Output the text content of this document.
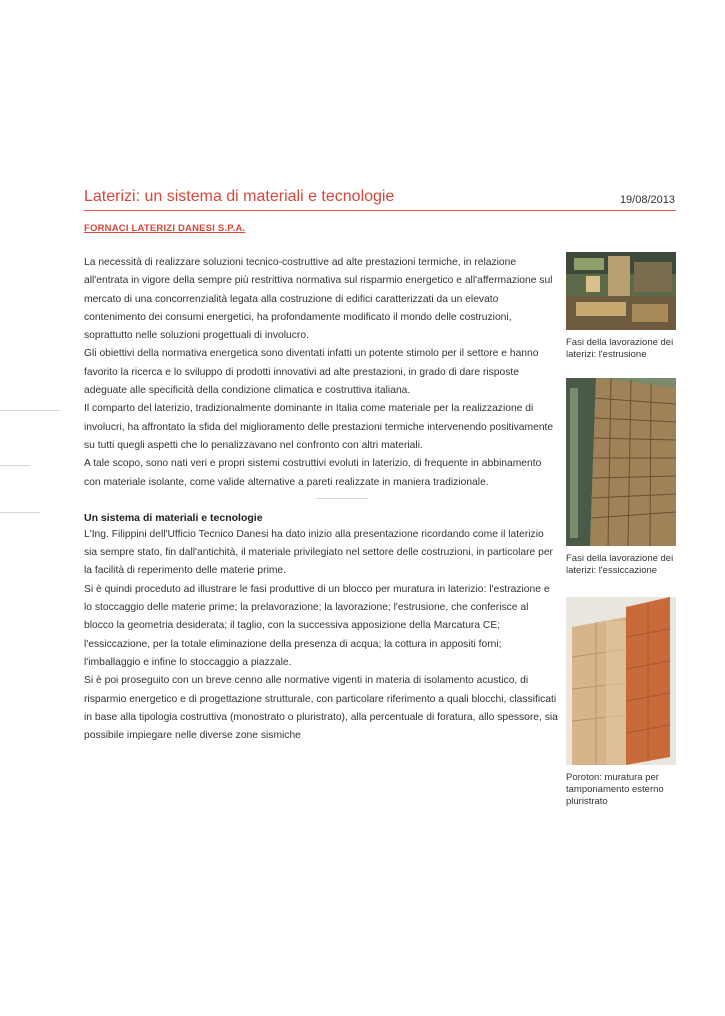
Laterizi: un sistema di materiali e tecnologie	19/08/2013
FORNACI LATERIZI DANESI S.P.A.

La necessità di realizzare soluzioni tecnico-costruttive ad alte prestazioni termiche, in relazione all'entrata in vigore della sempre più restrittiva normativa sul risparmio energetico e all'affermazione sul mercato di una concorrenzialità legata alla costruzione di edifici caratterizzati da un elevato contenimento dei consumi energetici, ha profondamente modificato il mondo delle costruzioni, soprattutto nelle soluzioni progettuali di involucro.

Gli obiettivi della normativa energetica sono diventati infatti un potente stimolo per il settore e hanno favorito la ricerca e lo sviluppo di prodotti innovativi ad alte prestazioni, in grado di dare risposte adeguate alle specificità della condizione climatica e costruttiva italiana.

Il comparto del laterizio, tradizionalmente dominante in Italia come materiale per la realizzazione di involucri, ha affrontato la sfida del miglioramento delle prestazioni termiche intervenendo positivamente su tutti quegli aspetti che lo penalizzavano nel confronto con altri materiali.

A tale scopo, sono nati veri e propri sistemi costruttivi evoluti in laterizio, di frequente in abbinamento con materiale isolante, come valide alternative a pareti realizzate in maniera tradizionale.

Un sistema di materiali e tecnologie

L'Ing. Filippini dell'Ufficio Tecnico Danesi ha dato inizio alla presentazione ricordando come il laterizio sia sempre stato, fin dall'antichità, il materiale privilegiato nel settore delle costruzioni, in particolare per la facilità di reperimento delle materie prime.

Si è quindi proceduto ad illustrare le fasi produttive di un blocco per muratura in laterizio: l'estrazione e lo stoccaggio delle materie prime; la prelavorazione; la lavorazione; l'estrusione, che conferisce al blocco la geometria desiderata; il taglio, con la successiva apposizione della Marcatura CE; l'essiccazione, per la totale eliminazione della presenza di acqua; la cottura in appositi forni; l'imballaggio e infine lo stoccaggio a piazzale.

Si è poi proseguito con un breve cenno alle normative vigenti in materia di isolamento acustico, di risparmio energetico e di progettazione strutturale, con particolare riferimento a quali blocchi, classificati in base alla tipologia costruttiva (monostrato o pluristrato), alla percentuale di foratura, allo spessore, sia possibile impiegare nelle diverse zone sismiche

Fasi della lavorazione dei laterizi: l'estrusione
Fasi della lavorazione dei laterizi: l'essiccazione
Poroton: muratura per tamponamento esterno pluristrato
